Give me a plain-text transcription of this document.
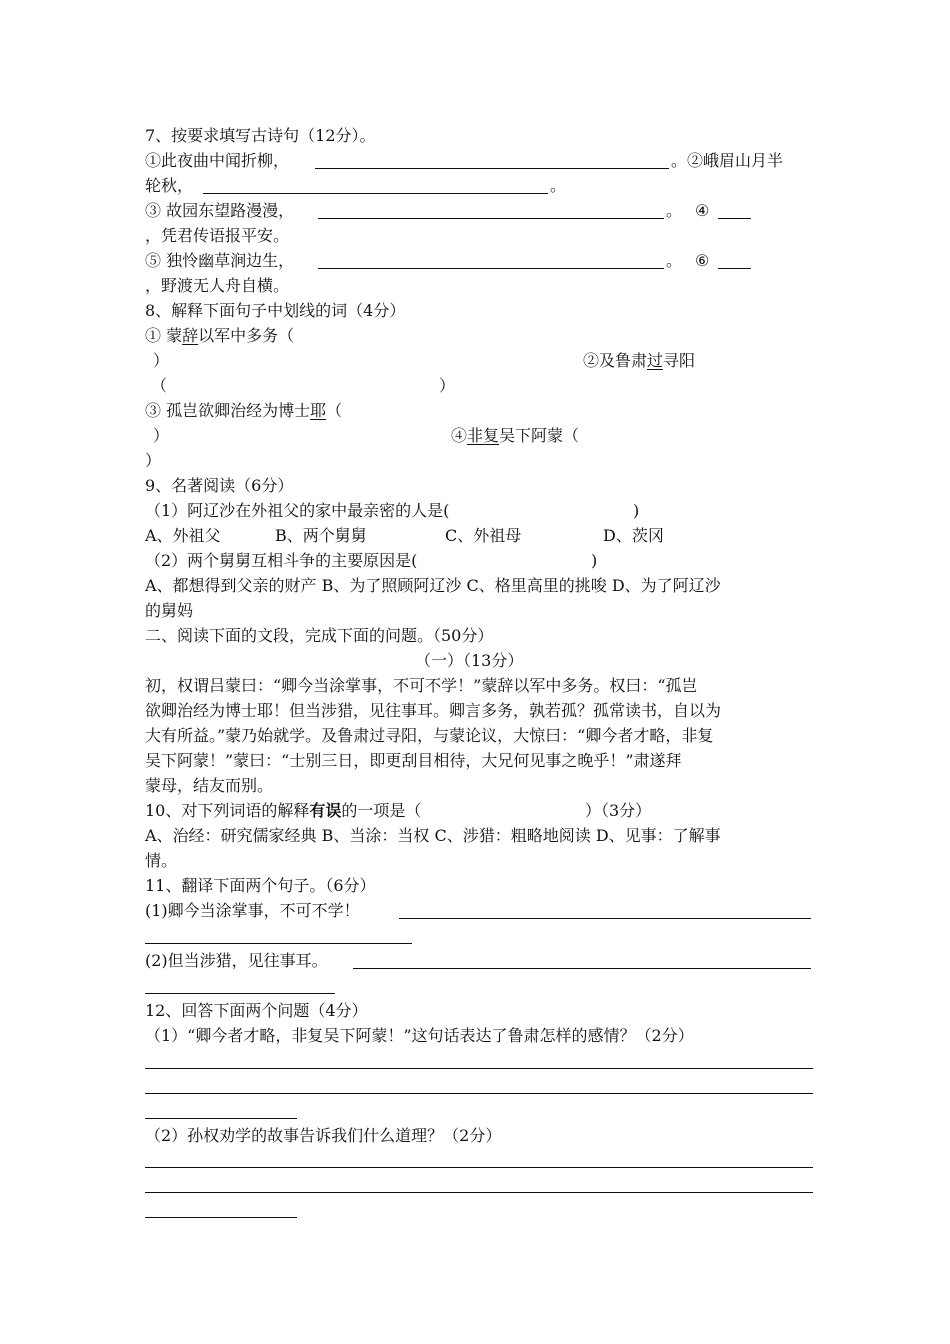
7、按要求填写古诗句（12分）。
①此夜曲中闻折柳，	。②峨眉山月半
轮秋，	。
③ 故园东望路漫漫，	。 ④
，凭君传语报平安。
⑤ 独怜幽草涧边生，	。 ⑥
，野渡无人舟自横。
8、解释下面句子中划线的词（4分）
① 蒙辞以军中多务（
）	②及鲁肃过寻阳
（	）
③ 孤岂欲卿治经为博士耶（
）	④非复吴下阿蒙（
）
9、名著阅读（6分）
（1）阿辽沙在外祖父的家中最亲密的人是(	)
A、外祖父	B、两个舅舅	C、外祖母	D、茨冈
（2）两个舅舅互相斗争的主要原因是(	)
A、都想得到父亲的财产 B、为了照顾阿辽沙 C、格里高里的挑唆 D、为了阿辽沙
的舅妈
二、阅读下面的文段，完成下面的问题。（50分）
（一）（13分）
初，权谓吕蒙曰：“卿今当涂掌事，不可不学！”蒙辞以军中多务。权曰：“孤岂
欲卿治经为博士耶！但当涉猎，见往事耳。卿言多务，孰若孤？孤常读书，自以为
大有所益。”蒙乃始就学。及鲁肃过寻阳，与蒙论议，大惊曰：“卿今者才略，非复
吴下阿蒙！”蒙曰：“士别三日，即更刮目相待，大兄何见事之晚乎！”肃遂拜
蒙母，结友而别。
10、对下列词语的解释有误的一项是（	）（3分）
A、治经：研究儒家经典 B、当涂：当权 C、涉猎：粗略地阅读 D、见事：了解事
情。
11、翻译下面两个句子。（6分）
(1)卿今当涂掌事，不可不学！
(2)但当涉猎，见往事耳。
12、回答下面两个问题（4分）
（1）“卿今者才略，非复吴下阿蒙！”这句话表达了鲁肃怎样的感情？（2分）
（2）孙权劝学的故事告诉我们什么道理？（2分）
